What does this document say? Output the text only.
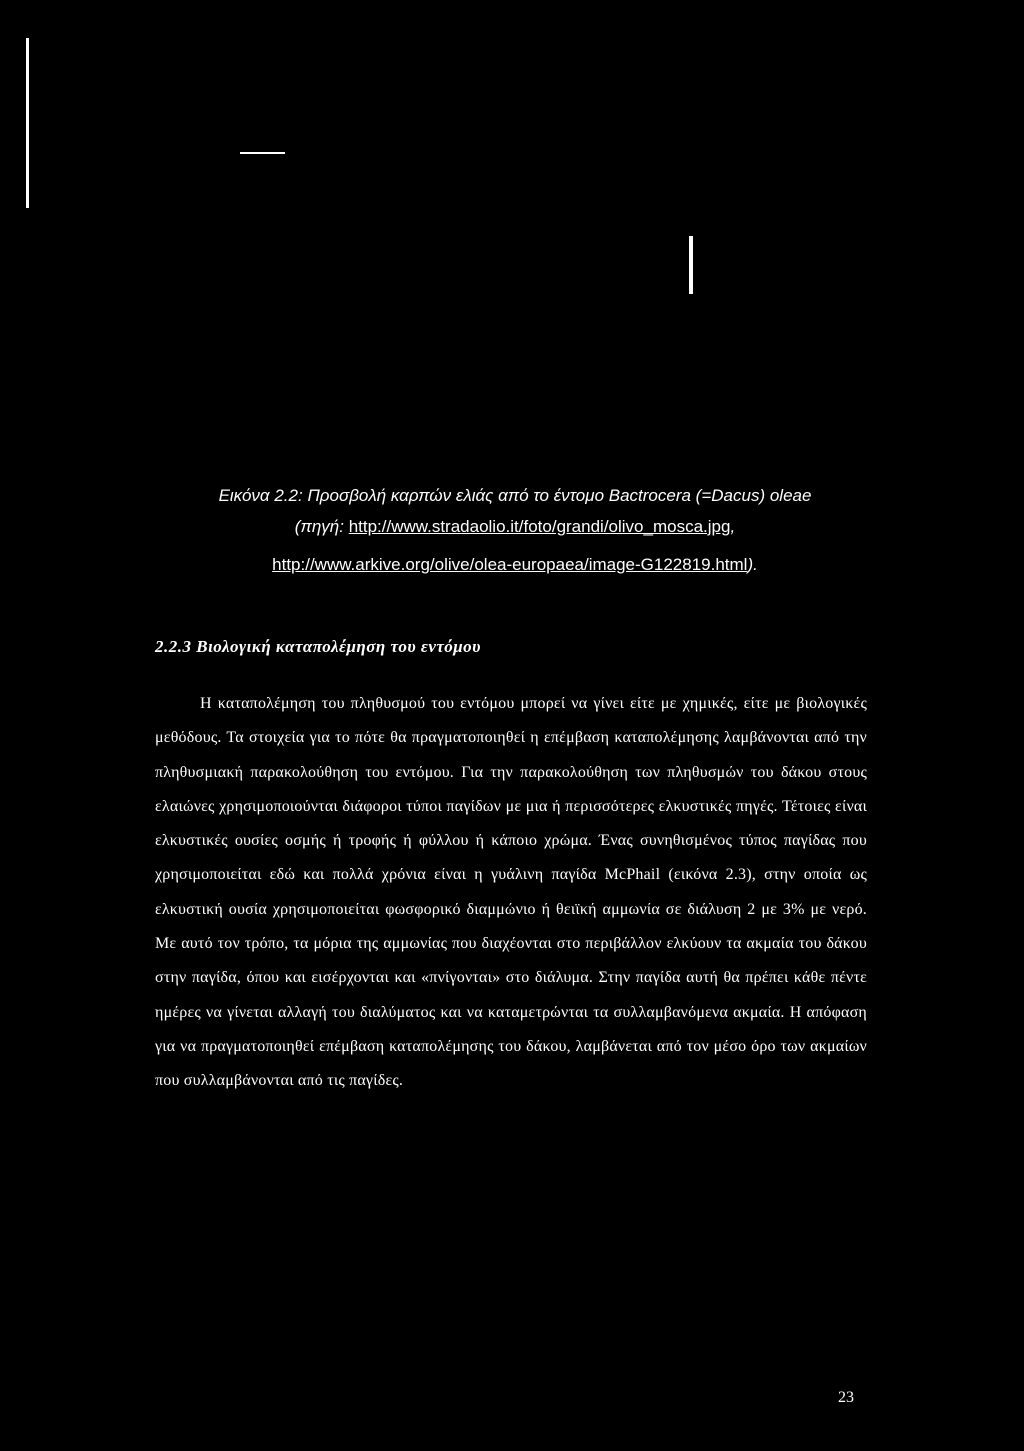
Εικόνα 2.2: Προσβολή καρπών ελιάς από το έντομο Bactrocera (=Dacus) oleae
(πηγή: http://www.stradaolio.it/foto/grandi/olivo_mosca.jpg,
http://www.arkive.org/olive/olea-europaea/image-G122819.html).
2.2.3 Βιολογική καταπολέμηση του εντόμου

Η καταπολέμηση του πληθυσμού του εντόμου μπορεί να γίνει είτε με χημικές, είτε με βιολογικές μεθόδους. Τα στοιχεία για το πότε θα πραγματοποιηθεί η επέμβαση καταπολέμησης λαμβάνονται από την πληθυσμιακή παρακολούθηση του εντόμου. Για την παρακολούθηση των πληθυσμών του δάκου στους ελαιώνες χρησιμοποιούνται διάφοροι τύποι παγίδων με μια ή περισσότερες ελκυστικές πηγές. Τέτοιες είναι ελκυστικές ουσίες οσμής ή τροφής ή φύλλου ή κάποιο χρώμα. Ένας συνηθισμένος τύπος παγίδας που χρησιμοποιείται εδώ και πολλά χρόνια είναι η γυάλινη παγίδα McPhail (εικόνα 2.3), στην οποία ως ελκυστική ουσία χρησιμοποιείται φωσφορικό διαμμώνιο ή θειϊκή αμμωνία σε διάλυση 2 με 3% με νερό. Με αυτό τον τρόπο, τα μόρια της αμμωνίας που διαχέονται στο περιβάλλον ελκύουν τα ακμαία του δάκου στην παγίδα, όπου και εισέρχονται και «πνίγονται» στο διάλυμα. Στην παγίδα αυτή θα πρέπει κάθε πέντε ημέρες να γίνεται αλλαγή του διαλύματος και να καταμετρώνται τα συλλαμβανόμενα ακμαία. Η απόφαση για να πραγματοποιηθεί επέμβαση καταπολέμησης του δάκου, λαμβάνεται από τον μέσο όρο των ακμαίων που συλλαμβάνονται από τις παγίδες.

23
